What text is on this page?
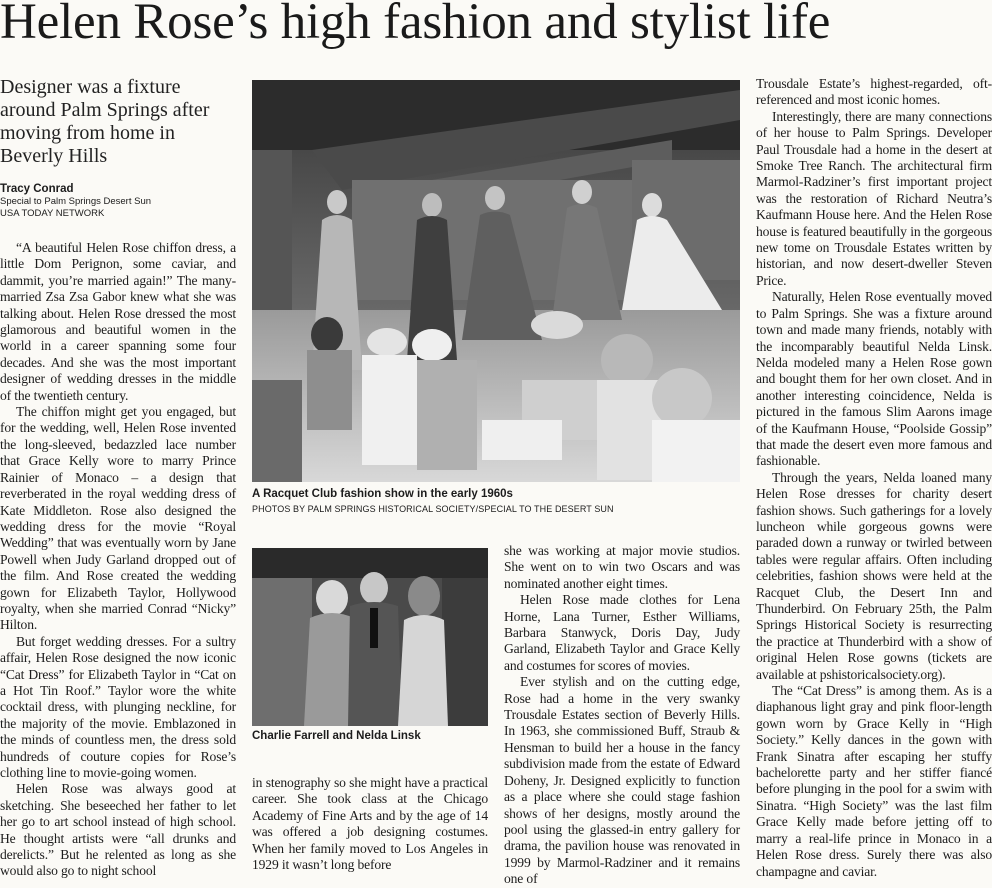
Helen Rose’s high fashion and stylist life
Designer was a fixture around Palm Springs after moving from home in Beverly Hills
Tracy Conrad
Special to Palm Springs Desert Sun
USA TODAY NETWORK

“A beautiful Helen Rose chiffon dress, a little Dom Perignon, some caviar, and dammit, you’re married again!” The many-married Zsa Zsa Gabor knew what she was talking about. Helen Rose dressed the most glamorous and beautiful women in the world in a career spanning some four decades. And she was the most important designer of wedding dresses in the middle of the twentieth century.

The chiffon might get you engaged, but for the wedding, well, Helen Rose invented the long-sleeved, bedazzled lace number that Grace Kelly wore to marry Prince Rainier of Monaco – a design that reverberated in the royal wedding dress of Kate Middleton. Rose also designed the wedding dress for the movie “Royal Wedding” that was eventually worn by Jane Powell when Judy Garland dropped out of the film. And Rose created the wedding gown for Elizabeth Taylor, Hollywood royalty, when she married Conrad “Nicky” Hilton.

But forget wedding dresses. For a sultry affair, Helen Rose designed the now iconic “Cat Dress” for Elizabeth Taylor in “Cat on a Hot Tin Roof.” Taylor wore the white cocktail dress, with plunging neckline, for the majority of the movie. Emblazoned in the minds of countless men, the dress sold hundreds of couture copies for Rose’s clothing line to movie-going women.

Helen Rose was always good at sketching. She beseeched her father to let her go to art school instead of high school. He thought artists were “all drunks and derelicts.” But he relented as long as she would also go to night school

A Racquet Club fashion show in the early 1960s

PHOTOS BY PALM SPRINGS HISTORICAL SOCIETY/SPECIAL TO THE DESERT SUN

Charlie Farrell and Nelda Linsk

in stenography so she might have a practical career. She took class at the Chicago Academy of Fine Arts and by the age of 14 was offered a job designing costumes. When her family moved to Los Angeles in 1929 it wasn’t long before

she was working at major movie studios. She went on to win two Oscars and was nominated another eight times.

Helen Rose made clothes for Lena Horne, Lana Turner, Esther Williams, Barbara Stanwyck, Doris Day, Judy Garland, Elizabeth Taylor and Grace Kelly and costumes for scores of movies.

Ever stylish and on the cutting edge, Rose had a home in the very swanky Trousdale Estates section of Beverly Hills. In 1963, she commissioned Buff, Straub & Hensman to build her a house in the fancy subdivision made from the estate of Edward Doheny, Jr. Designed explicitly to function as a place where she could stage fashion shows of her designs, mostly around the pool using the glassed-in entry gallery for drama, the pavilion house was renovated in 1999 by Marmol-Radziner and it remains one of

Trousdale Estate’s highest-regarded, oft-referenced and most iconic homes.

Interestingly, there are many connections of her house to Palm Springs. Developer Paul Trousdale had a home in the desert at Smoke Tree Ranch. The architectural firm Marmol-Radziner’s first important project was the restoration of Richard Neutra’s Kaufmann House here. And the Helen Rose house is featured beautifully in the gorgeous new tome on Trousdale Estates written by historian, and now desert-dweller Steven Price.

Naturally, Helen Rose eventually moved to Palm Springs. She was a fixture around town and made many friends, notably with the incomparably beautiful Nelda Linsk. Nelda modeled many a Helen Rose gown and bought them for her own closet. And in another interesting coincidence, Nelda is pictured in the famous Slim Aarons image of the Kaufmann House, “Poolside Gossip” that made the desert even more famous and fashionable.

Through the years, Nelda loaned many Helen Rose dresses for charity desert fashion shows. Such gatherings for a lovely luncheon while gorgeous gowns were paraded down a runway or twirled between tables were regular affairs. Often including celebrities, fashion shows were held at the Racquet Club, the Desert Inn and Thunderbird. On February 25th, the Palm Springs Historical Society is resurrecting the practice at Thunderbird with a show of original Helen Rose gowns (tickets are available at pshistoricalsociety.org).

The “Cat Dress” is among them. As is a diaphanous light gray and pink floor-length gown worn by Grace Kelly in “High Society.” Kelly dances in the gown with Frank Sinatra after escaping her stuffy bachelorette party and her stiffer fiancé before plunging in the pool for a swim with Sinatra. “High Society” was the last film Grace Kelly made before jetting off to marry a real-life prince in Monaco in a Helen Rose dress. Surely there was also champagne and caviar.
